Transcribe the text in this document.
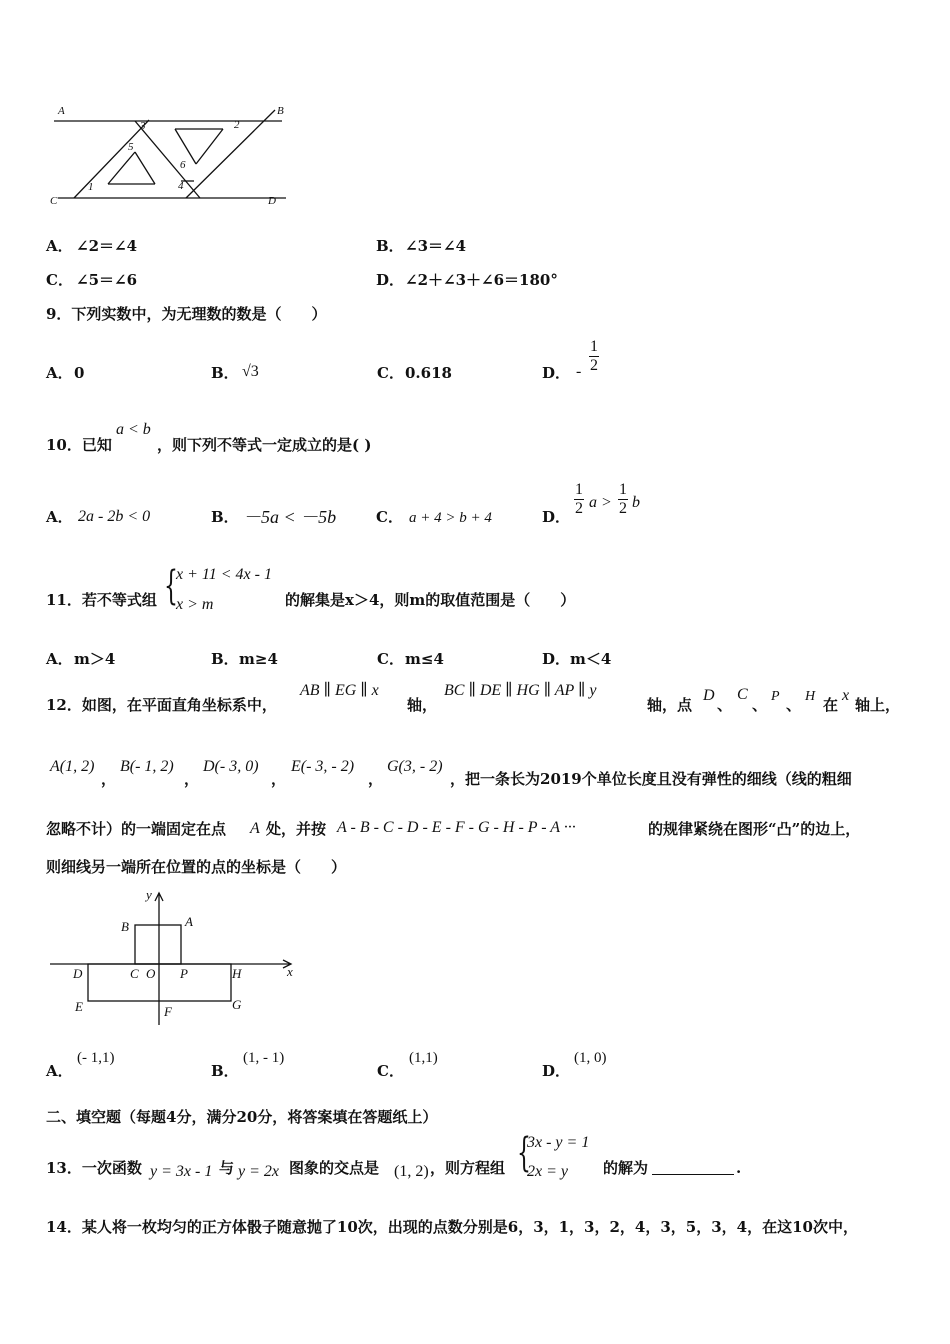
A	B
C	D
1
2
3
4
5
6
A． ∠2＝∠4	B． ∠3＝∠4
C． ∠5＝∠6	D． ∠2＋∠3＋∠6＝180°
9．下列实数中，为无理数的数是（　　）
A． 0	B． √3	C． 0.618	D． - $\frac{1}{2}$
10．已知
a < b
，则下列不等式一定成立的是( )
A． 2a - 2b < 0	B． －5a < －5b	C． a + 4 > b + 4	D． $\frac{1}{2}$ $a > \frac{1}{2}$ b
11．若不等式组 {
x + 11 < 4x - 1
x > m	的解集是x＞4，则m的取值范围是（　　）
A． m＞4	B． m≥4	C． m≤4	D． m＜4
12．如图，在平面直角坐标系中，
AB ∥ EG ∥ x
轴，
BC ∥ DE ∥ HG ∥ AP ∥ y
轴，点
D
、
C
、 P 、 H 在
x
轴上，
A(1, 2)
，
B(- 1, 2)
，
D(- 3, 0)
，
E(- 3, - 2)
，
G(3, - 2)
，把一条长为2019个单位长度且没有弹性的细线（线的粗细
忽略不计）的一端固定在点 A 处，并按 A - B - C - D - E - F - G - H - P - A ···	的规律紧绕在图形“凸”的边上，
则细线另一端所在位置的点的坐标是（　　）
y
x
A
B
C O P
D	H
E	F	G
A．
(- 1,1)
B．
(1, - 1)
C．
(1,1)
D．
(1, 0)
二、填空题（每题4分，满分20分，将答案填在答题纸上）
13．一次函数 y = 3x - 1 与 y = 2x 图象的交点是 (1, 2) ，则方程组 {
3x - y = 1
2x = y 的解为	.
14．某人将一枚均匀的正方体骰子随意抛了10次，出现的点数分别是6，3，1，3，2，4，3，5，3，4，在这10次中，
